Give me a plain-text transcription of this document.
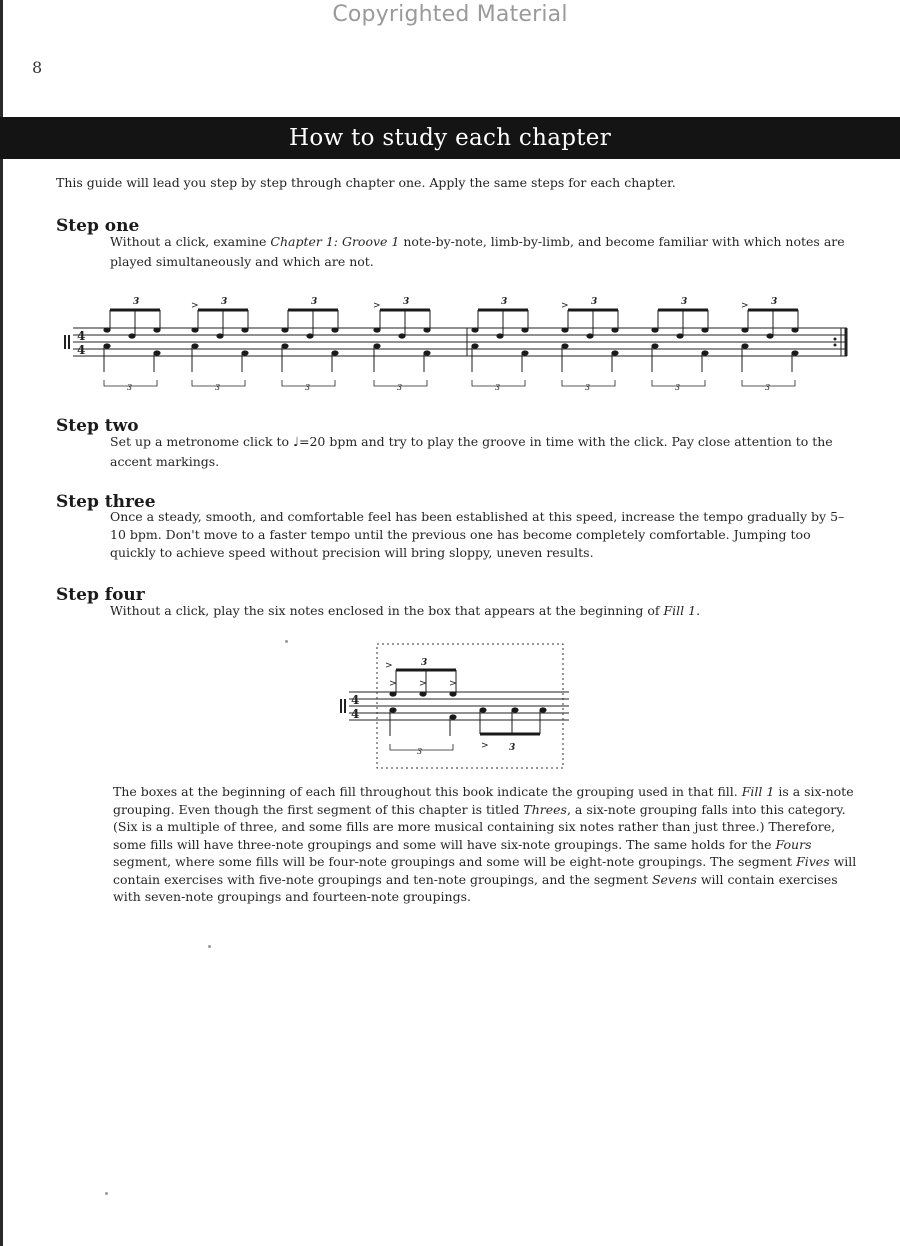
Copyrighted Material
8
How to study each chapter
This guide will lead you step by step through chapter one. Apply the same steps for each chapter.
Step one
Without a click, examine Chapter 1: Groove 1 note-by-note, limb-by-limb, and become familiar with which notes are played simultaneously and which are not.
4
4
3
3
3
>
3
3
3
3
>
3
3
3
3
>
3
3
3
3
>
3
Step two
Set up a metronome click to ♩=20 bpm and try to play the groove in time with the click. Pay close attention to the accent markings.
Step three
Once a steady, smooth, and comfortable feel has been established at this speed, increase the tempo gradually by 5–10 bpm. Don't move to a faster tempo until the previous one has become completely comfortable. Jumping too quickly to achieve speed without precision will bring sloppy, uneven results.
Step four
Without a click, play the six notes enclosed in the box that appears at the beginning of Fill 1.
4
4
> > >
3
>
3	3
>
The boxes at the beginning of each fill throughout this book indicate the grouping used in that fill. Fill 1 is a six-note grouping. Even though the first segment of this chapter is titled Threes, a six-note grouping falls into this category. (Six is a multiple of three, and some fills are more musical containing six notes rather than just three.) Therefore, some fills will have three-note groupings and some will have six-note groupings. The same holds for the Fours segment, where some fills will be four-note groupings and some will be eight-note groupings. The segment Fives will contain exercises with five-note groupings and ten-note groupings, and the segment Sevens will contain exercises with seven-note groupings and fourteen-note groupings.
